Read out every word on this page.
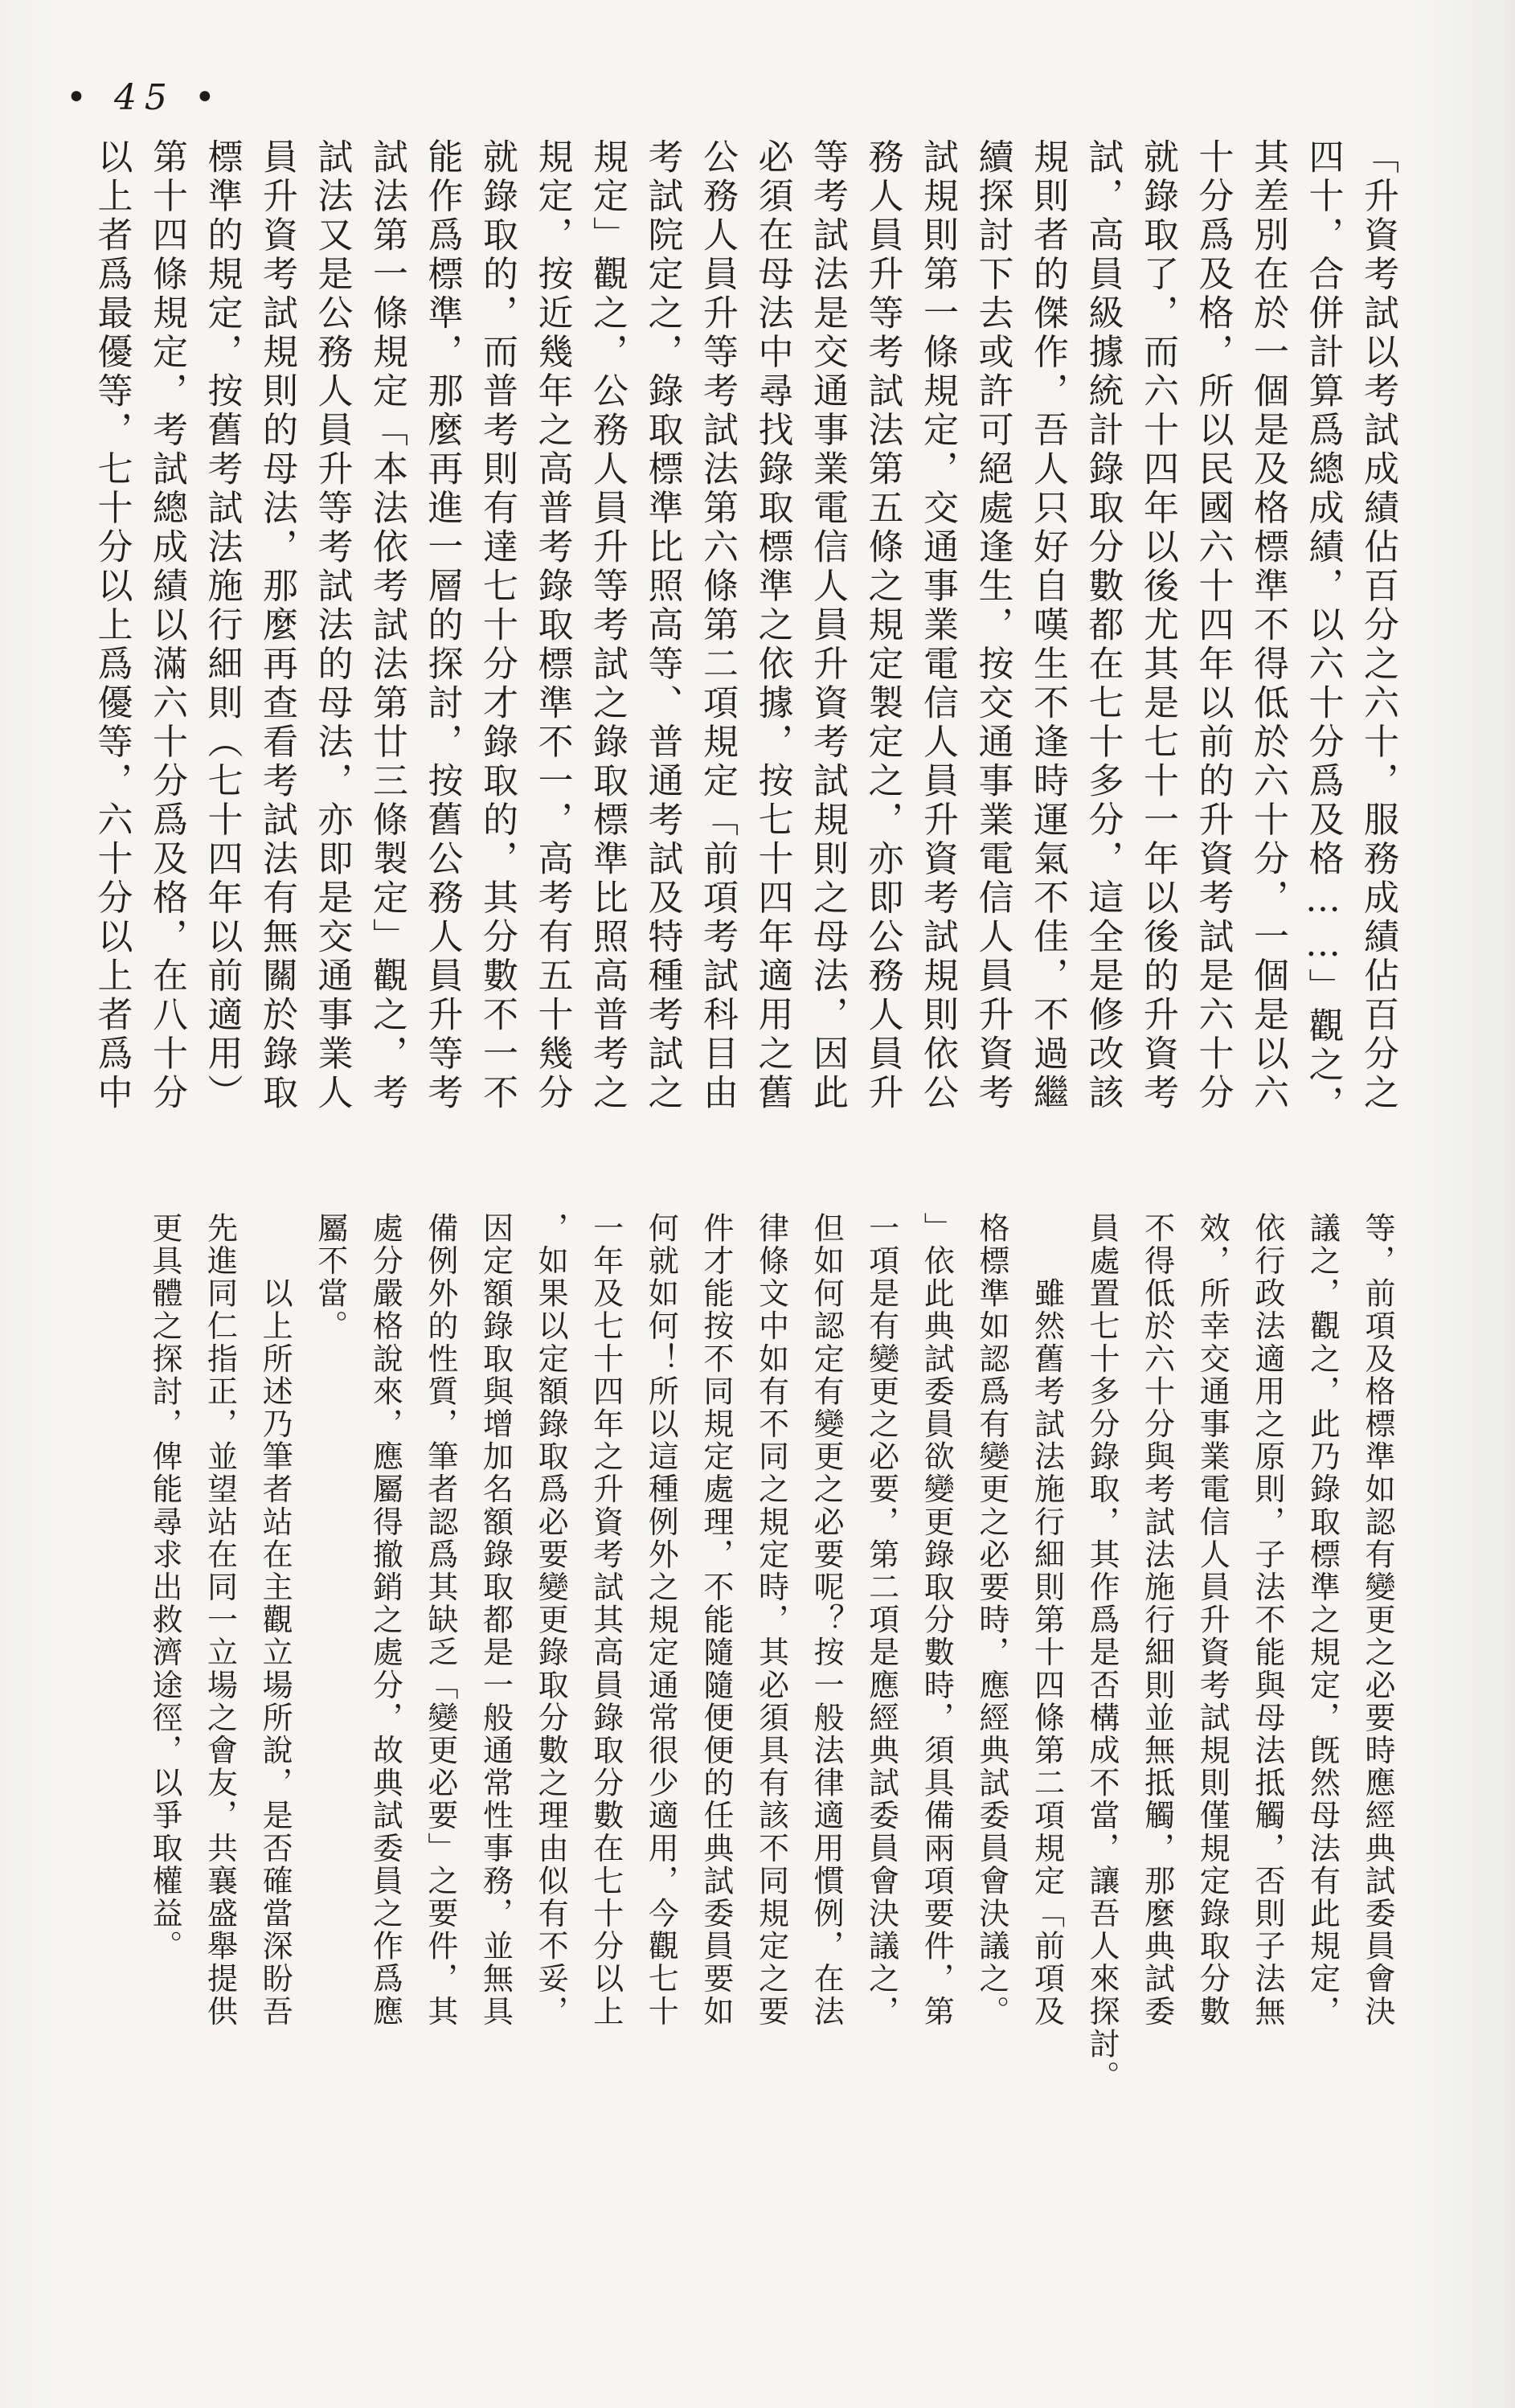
• 45 •
「升資考試以考試成績佔百分之六十，服務成績佔百分之
四十，合併計算爲總成績，以六十分爲及格……」觀之，
其差別在於一個是及格標準不得低於六十分，一個是以六
十分爲及格，所以民國六十四年以前的升資考試是六十分
就錄取了，而六十四年以後尤其是七十一年以後的升資考
試，高員級據統計錄取分數都在七十多分，這全是修改該
規則者的傑作，吾人只好自嘆生不逢時運氣不佳，不過繼
續探討下去或許可絕處逢生，按交通事業電信人員升資考
試規則第一條規定，交通事業電信人員升資考試規則依公
務人員升等考試法第五條之規定製定之，亦即公務人員升
等考試法是交通事業電信人員升資考試規則之母法，因此
必須在母法中尋找錄取標準之依據，按七十四年適用之舊
公務人員升等考試法第六條第二項規定「前項考試科目由
考試院定之，錄取標準比照高等、普通考試及特種考試之
規定」觀之，公務人員升等考試之錄取標準比照高普考之
規定，按近幾年之高普考錄取標準不一，高考有五十幾分
就錄取的，而普考則有達七十分才錄取的，其分數不一不
能作爲標準，那麼再進一層的探討，按舊公務人員升等考
試法第一條規定「本法依考試法第廿三條製定」觀之，考
試法又是公務人員升等考試法的母法，亦即是交通事業人
員升資考試規則的母法，那麼再查看考試法有無關於錄取
標準的規定，按舊考試法施行細則（七十四年以前適用）
第十四條規定，考試總成績以滿六十分爲及格，在八十分
以上者爲最優等，七十分以上爲優等，六十分以上者爲中
等，前項及格標準如認有變更之必要時應經典試委員會決
議之，觀之，此乃錄取標準之規定，旣然母法有此規定，
依行政法適用之原則，子法不能與母法抵觸，否則子法無
效，所幸交通事業電信人員升資考試規則僅規定錄取分數
不得低於六十分與考試法施行細則並無抵觸，那麼典試委
員處置七十多分錄取，其作爲是否構成不當，讓吾人來探討。
　　雖然舊考試法施行細則第十四條第二項規定「前項及
格標準如認爲有變更之必要時，應經典試委員會決議之。
」依此典試委員欲變更錄取分數時，須具備兩項要件，第
一項是有變更之必要，第二項是應經典試委員會決議之，
但如何認定有變更之必要呢？按一般法律適用慣例，在法
律條文中如有不同之規定時，其必須具有該不同規定之要
件才能按不同規定處理，不能隨隨便便的任典試委員要如
何就如何！所以這種例外之規定通常很少適用，今觀七十
一年及七十四年之升資考試其高員錄取分數在七十分以上
，如果以定額錄取爲必要變更錄取分數之理由似有不妥，
因定額錄取與增加名額錄取都是一般通常性事務，並無具
備例外的性質，筆者認爲其缺乏「變更必要」之要件，其
處分嚴格說來，應屬得撤銷之處分，故典試委員之作爲應
屬不當。
　　以上所述乃筆者站在主觀立場所說，是否確當深盼吾
先進同仁指正，並望站在同一立場之會友，共襄盛舉提供
更具體之探討，俾能尋求出救濟途徑，以爭取權益。
